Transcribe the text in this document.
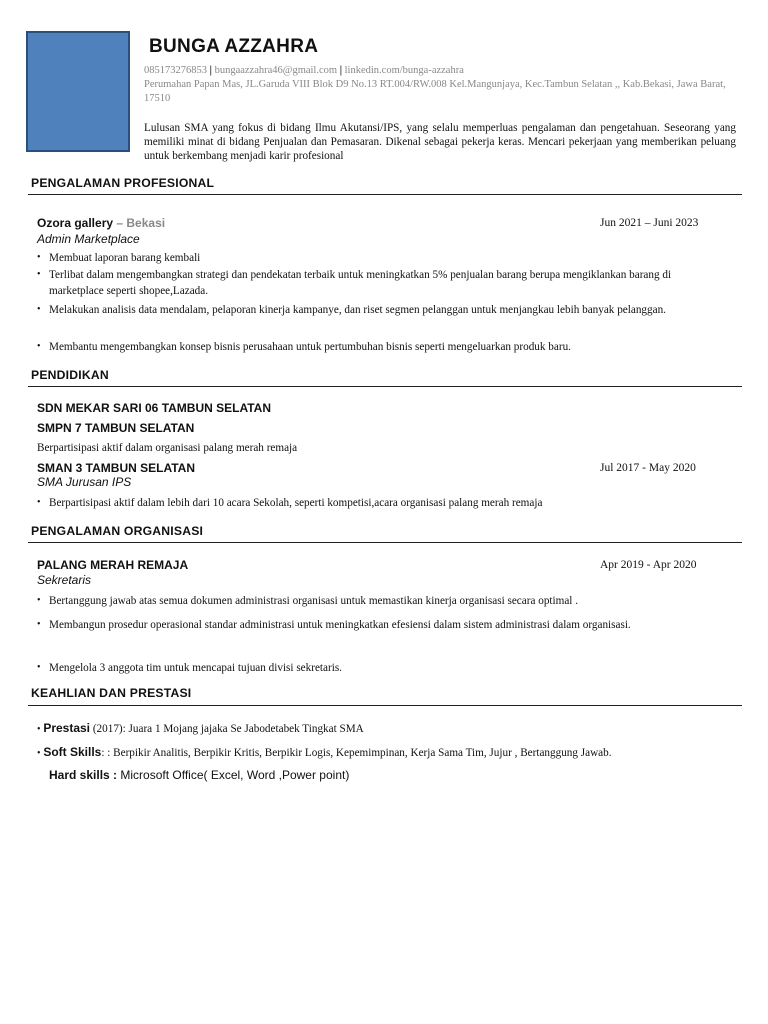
BUNGA AZZAHRA
085173276853 | bungaazzahra46@gmail.com | linkedin.com/bunga-azzahra
Perumahan Papan Mas, JL.Garuda VIII Blok D9 No.13 RT.004/RW.008 Kel.Mangunjaya, Kec.Tambun Selatan ,, Kab.Bekasi, Jawa Barat, 17510
Lulusan SMA yang fokus di bidang Ilmu Akutansi/IPS, yang selalu memperluas pengalaman dan pengetahuan. Seseorang yang memiliki minat di bidang Penjualan dan Pemasaran. Dikenal sebagai pekerja keras. Mencari pekerjaan yang memberikan peluang untuk berkembang menjadi karir profesional
PENGALAMAN PROFESIONAL
Ozora gallery – Bekasi	Jun 2021 – Juni 2023
Admin Marketplace
• Membuat laporan barang kembali
• Terlibat dalam mengembangkan strategi dan pendekatan terbaik untuk meningkatkan 5% penjualan barang berupa mengiklankan barang di marketplace seperti shopee,Lazada.
• Melakukan analisis data mendalam, pelaporan kinerja kampanye, dan riset segmen pelanggan untuk menjangkau lebih banyak pelanggan.
• Membantu mengembangkan konsep bisnis perusahaan untuk pertumbuhan bisnis seperti mengeluarkan produk baru.
PENDIDIKAN
SDN MEKAR SARI 06 TAMBUN SELATAN
SMPN 7 TAMBUN SELATAN
Berpartisipasi aktif dalam organisasi palang merah remaja
SMAN 3 TAMBUN SELATAN	Jul 2017 - May 2020
SMA Jurusan IPS
• Berpartisipasi aktif dalam lebih dari 10 acara Sekolah, seperti kompetisi,acara organisasi palang merah remaja
PENGALAMAN ORGANISASI
PALANG MERAH REMAJA	Apr 2019 - Apr 2020
Sekretaris
• Bertanggung jawab atas semua dokumen administrasi organisasi untuk memastikan kinerja organisasi secara optimal .
• Membangun prosedur operasional standar administrasi untuk meningkatkan efesiensi dalam sistem administrasi dalam organisasi.
• Mengelola 3 anggota tim untuk mencapai tujuan divisi sekretaris.
KEAHLIAN DAN PRESTASI
• Prestasi (2017): Juara 1 Mojang jajaka Se Jabodetabek Tingkat SMA
• Soft Skills: : Berpikir Analitis, Berpikir Kritis, Berpikir Logis, Kepemimpinan, Kerja Sama Tim, Jujur , Bertanggung Jawab.
Hard skills : Microsoft Office( Excel, Word ,Power point)
